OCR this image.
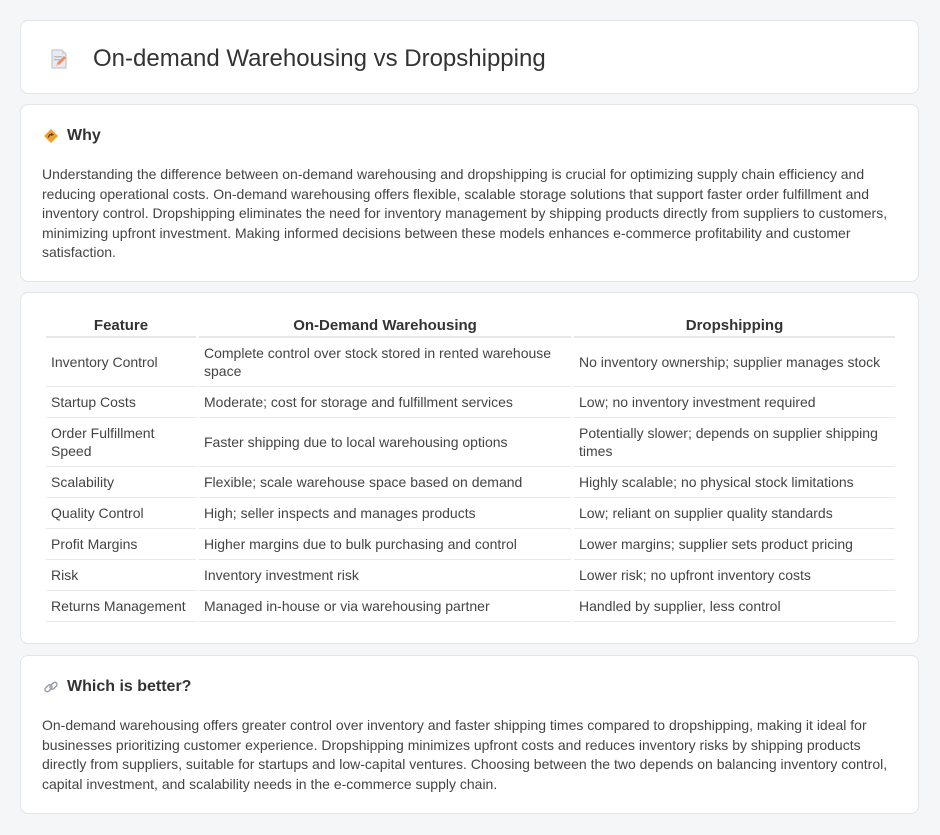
On-demand Warehousing vs Dropshipping
Why

Understanding the difference between on-demand warehousing and dropshipping is crucial for optimizing supply chain efficiency and reducing operational costs. On-demand warehousing offers flexible, scalable storage solutions that support faster order fulfillment and inventory control. Dropshipping eliminates the need for inventory management by shipping products directly from suppliers to customers, minimizing upfront investment. Making informed decisions between these models enhances e-commerce profitability and customer satisfaction.

Feature	On-Demand Warehousing	Dropshipping
Inventory Control	Complete control over stock stored in rented warehouse space	No inventory ownership; supplier manages stock
Startup Costs	Moderate; cost for storage and fulfillment services	Low; no inventory investment required
Order Fulfillment Speed	Faster shipping due to local warehousing options	Potentially slower; depends on supplier shipping times
Scalability	Flexible; scale warehouse space based on demand	Highly scalable; no physical stock limitations
Quality Control	High; seller inspects and manages products	Low; reliant on supplier quality standards
Profit Margins	Higher margins due to bulk purchasing and control	Lower margins; supplier sets product pricing
Risk	Inventory investment risk	Lower risk; no upfront inventory costs
Returns Management	Managed in-house or via warehousing partner	Handled by supplier, less control
Which is better?

On-demand warehousing offers greater control over inventory and faster shipping times compared to dropshipping, making it ideal for businesses prioritizing customer experience. Dropshipping minimizes upfront costs and reduces inventory risks by shipping products directly from suppliers, suitable for startups and low-capital ventures. Choosing between the two depends on balancing inventory control, capital investment, and scalability needs in the e-commerce supply chain.
